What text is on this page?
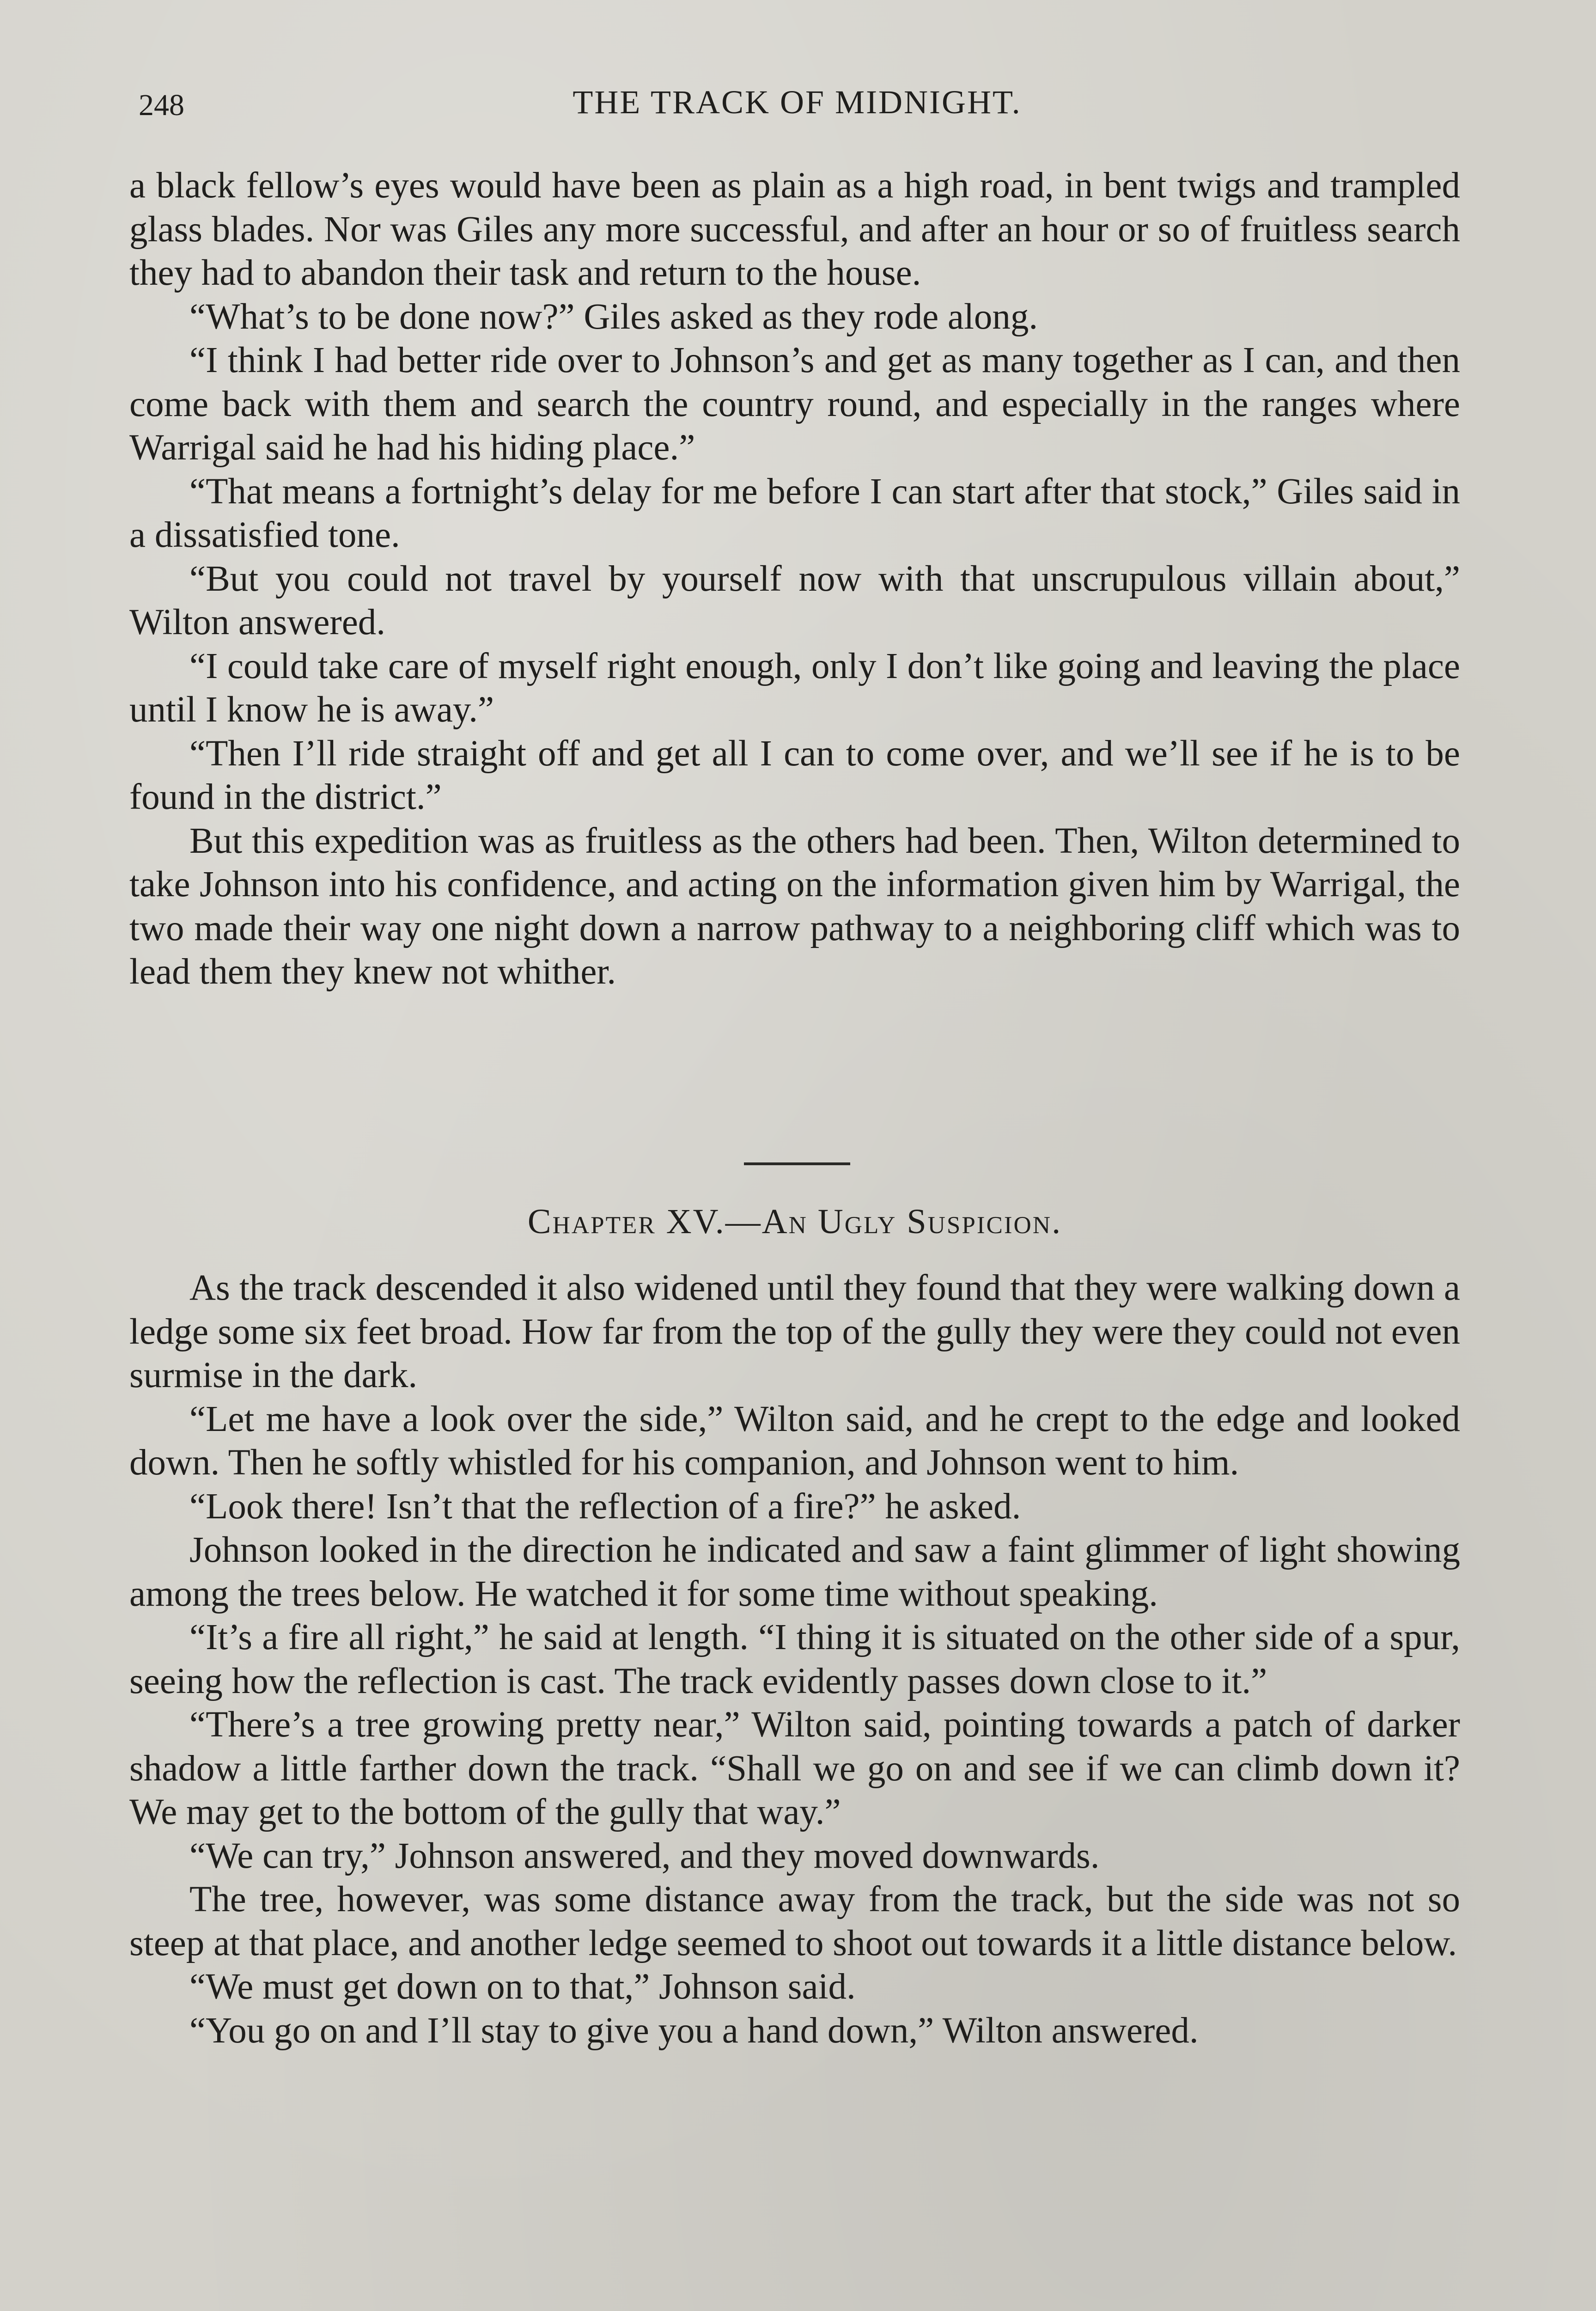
248	THE TRACK OF MIDNIGHT.

a black fellow’s eyes would have been as plain as a high road, in bent twigs and trampled glass blades. Nor was Giles any more successful, and after an hour or so of fruitless search they had to abandon their task and return to the house.

“What’s to be done now?” Giles asked as they rode along.

“I think I had better ride over to Johnson’s and get as many together as I can, and then come back with them and search the country round, and especially in the ranges where Warrigal said he had his hiding place.”

“That means a fortnight’s delay for me before I can start after that stock,” Giles said in a dissatisfied tone.

“But you could not travel by yourself now with that unscrupulous villain about,” Wilton answered.

“I could take care of myself right enough, only I don’t like going and leaving the place until I know he is away.”

“Then I’ll ride straight off and get all I can to come over, and we’ll see if he is to be found in the district.”

But this expedition was as fruitless as the others had been. Then, Wilton determined to take Johnson into his confidence, and acting on the information given him by Warrigal, the two made their way one night down a narrow pathway to a neighboring cliff which was to lead them they knew not whither.

Chapter XV.—An Ugly Suspicion.

As the track descended it also widened until they found that they were walking down a ledge some six feet broad. How far from the top of the gully they were they could not even surmise in the dark.

“Let me have a look over the side,” Wilton said, and he crept to the edge and looked down. Then he softly whistled for his companion, and Johnson went to him.

“Look there! Isn’t that the reflection of a fire?” he asked.

Johnson looked in the direction he indicated and saw a faint glimmer of light showing among the trees below. He watched it for some time without speaking.

“It’s a fire all right,” he said at length. “I thing it is situated on the other side of a spur, seeing how the reflection is cast. The track evidently passes down close to it.”

“There’s a tree growing pretty near,” Wilton said, pointing towards a patch of darker shadow a little farther down the track. “Shall we go on and see if we can climb down it? We may get to the bottom of the gully that way.”

“We can try,” Johnson answered, and they moved downwards.

The tree, however, was some distance away from the track, but the side was not so steep at that place, and another ledge seemed to shoot out towards it a little distance below.

“We must get down on to that,” Johnson said.

“You go on and I’ll stay to give you a hand down,” Wilton answered.
